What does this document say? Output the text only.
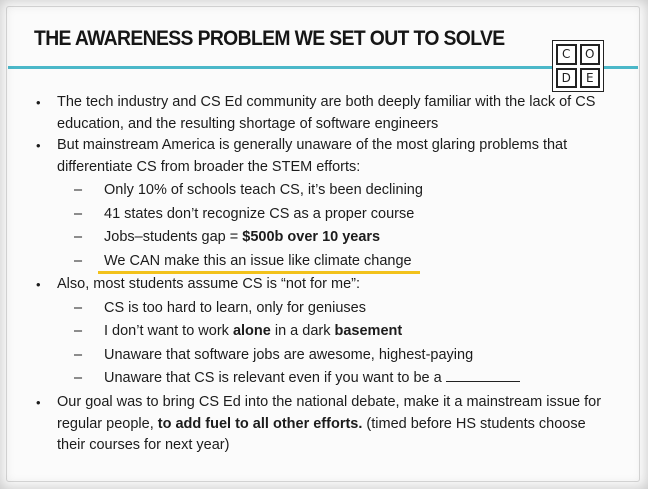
THE AWARENESS PROBLEM WE SET OUT TO SOLVE
C	O
D	E
• The tech industry and CS Ed community are both deeply familiar with the lack of CS education, and the resulting shortage of software engineers
• But mainstream America is generally unaware of the most glaring problems that differentiate CS from broader the STEM efforts:
– Only 10% of schools teach CS, it’s been declining
– 41 states don’t recognize CS as a proper course
– Jobs–students gap = $500b over 10 years
– We CAN make this an issue like climate change
• Also, most students assume CS is “not for me”:
– CS is too hard to learn, only for geniuses
– I don’t want to work alone in a dark basement
– Unaware that software jobs are awesome, highest-paying
– Unaware that CS is relevant even if you want to be a
• Our goal was to bring CS Ed into the national debate, make it a mainstream issue for regular people, to add fuel to all other efforts. (timed before HS students choose their courses for next year)
